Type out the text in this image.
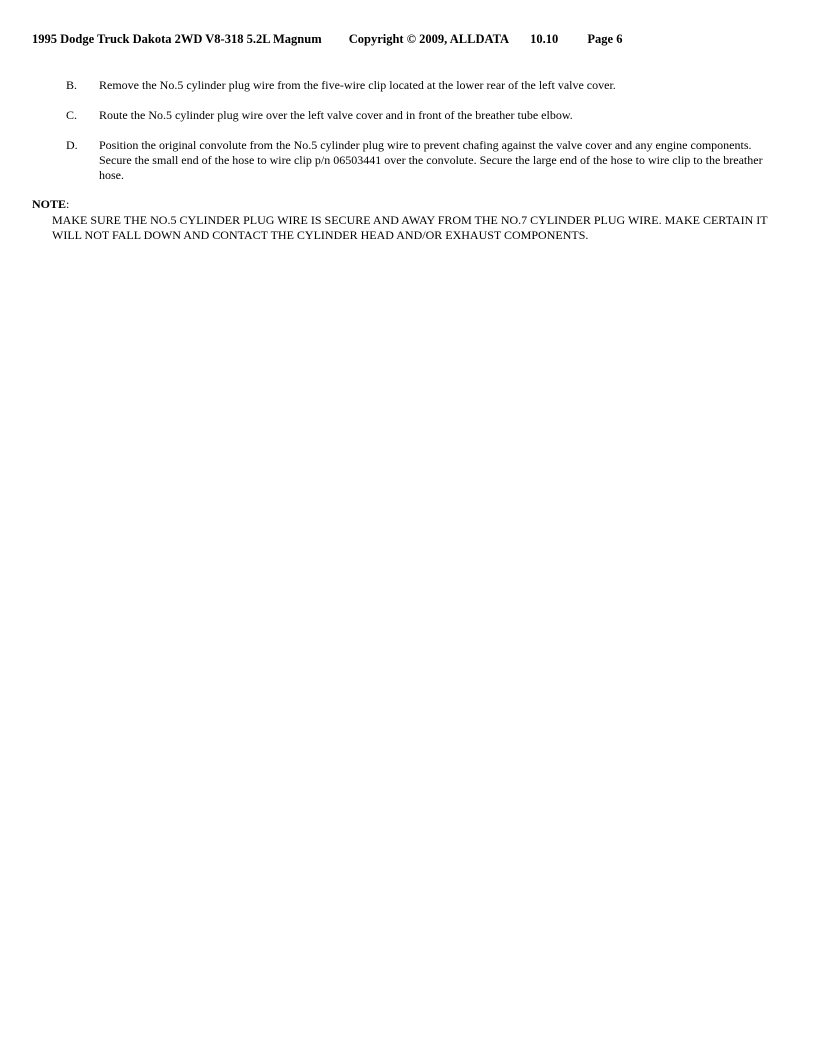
1995 Dodge Truck Dakota 2WD V8-318 5.2L Magnum Copyright © 2009, ALLDATA 10.10 Page 6
B.	Remove the No.5 cylinder plug wire from the five-wire clip located at the lower rear of the left valve cover.
C.	Route the No.5 cylinder plug wire over the left valve cover and in front of the breather tube elbow.
D.	Position the original convolute from the No.5 cylinder plug wire to prevent chafing against the valve cover and any engine components. Secure the small end of the hose to wire clip p/n 06503441 over the convolute. Secure the large end of the hose to wire clip to the breather hose.
NOTE:
MAKE SURE THE NO.5 CYLINDER PLUG WIRE IS SECURE AND AWAY FROM THE NO.7 CYLINDER PLUG WIRE. MAKE CERTAIN IT WILL NOT FALL DOWN AND CONTACT THE CYLINDER HEAD AND/OR EXHAUST COMPONENTS.
